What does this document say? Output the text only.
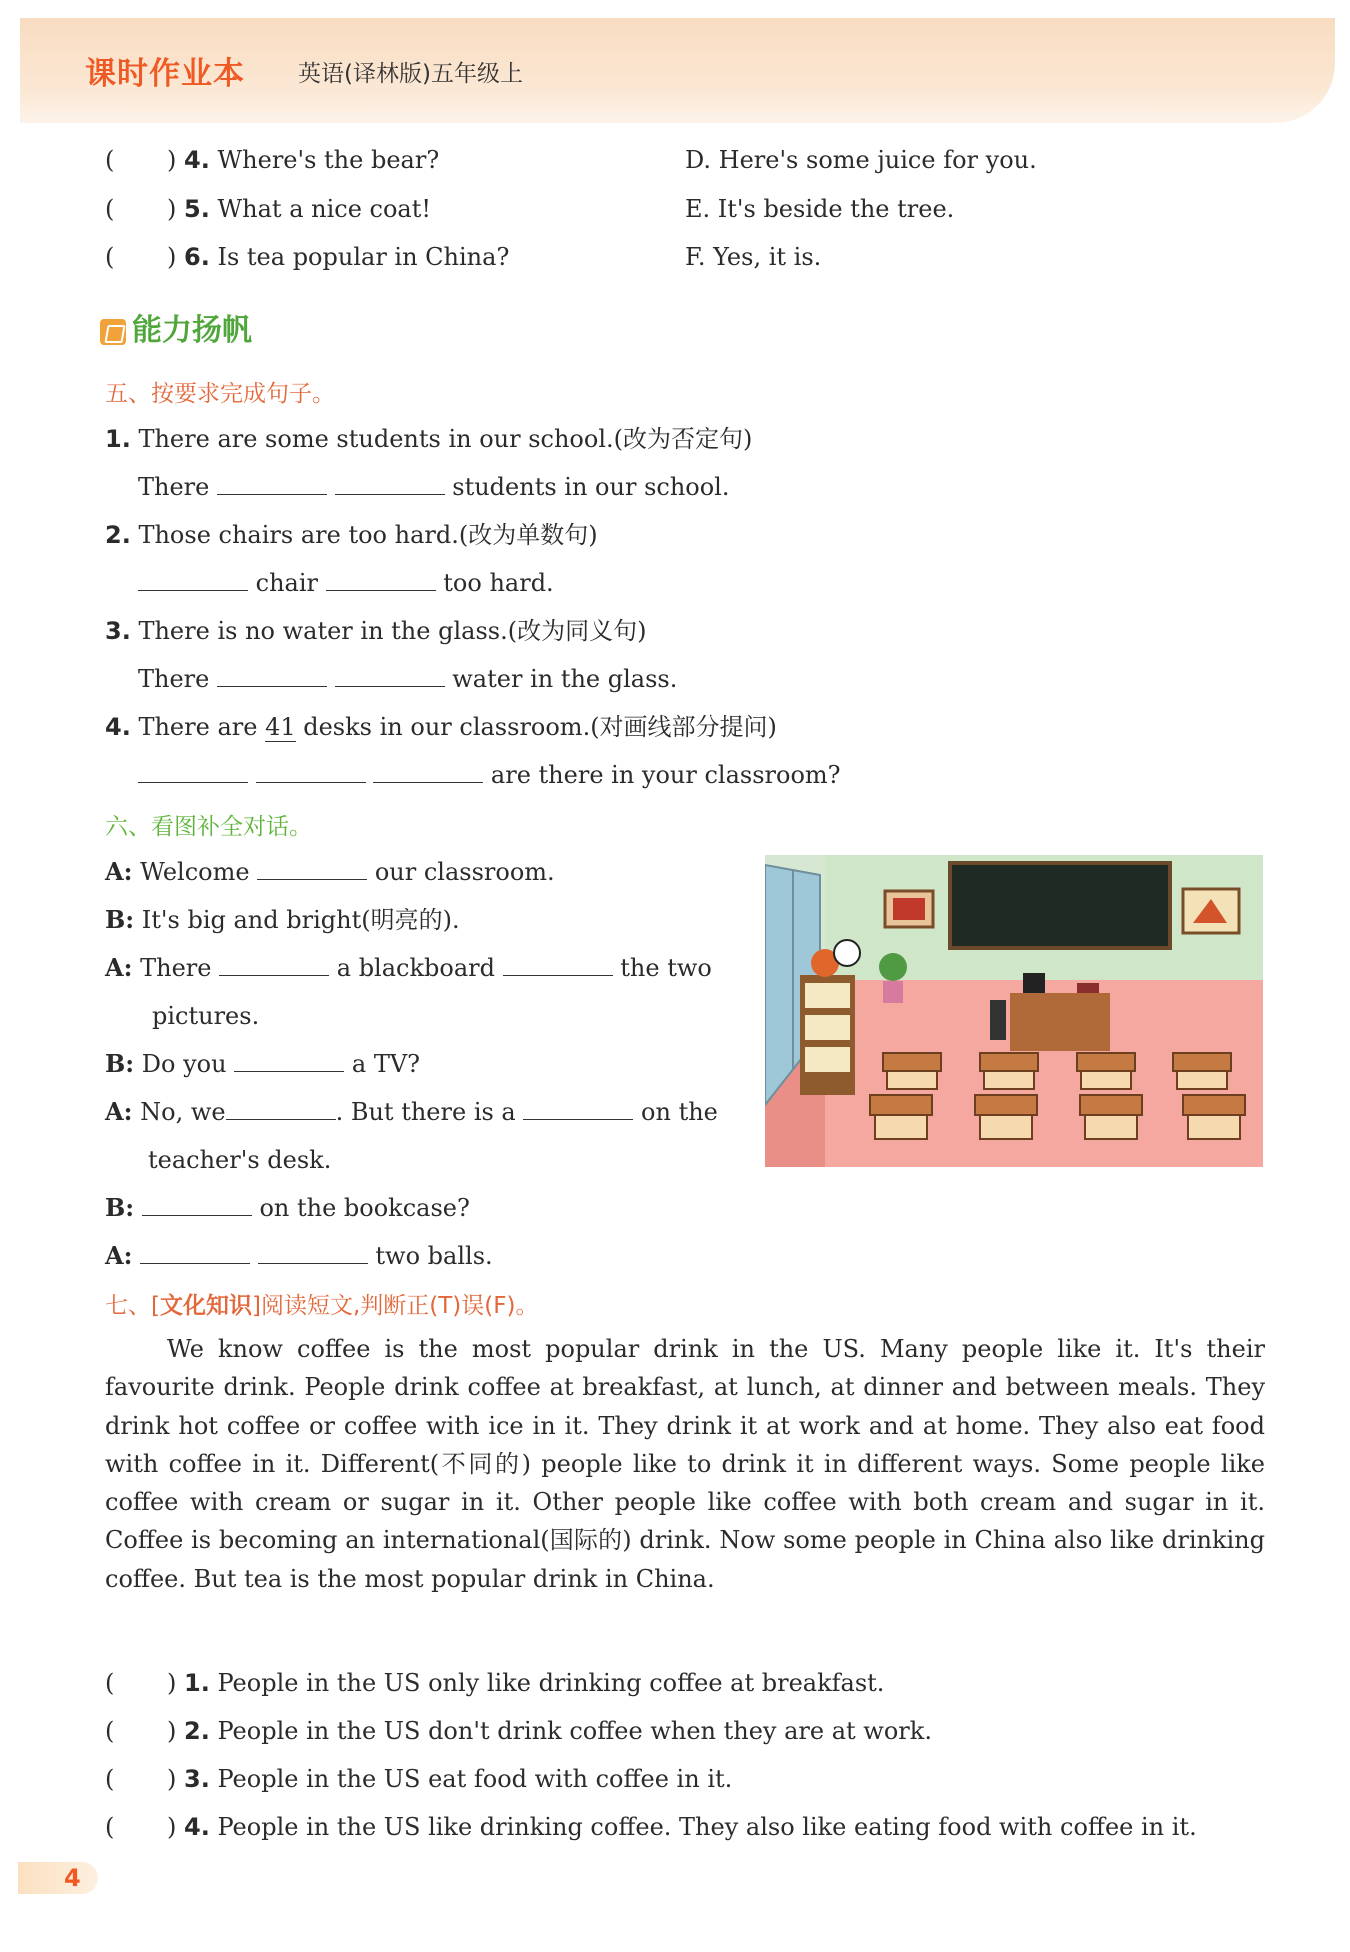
课时作业本 英语(译林版)五年级上
( ) 4. Where's the bear?	D. Here's some juice for you.
( ) 5. What a nice coat!	E. It's beside the tree.
( ) 6. Is tea popular in China?	F. Yes, it is.
能力扬帆
五、按要求完成句子。
1. There are some students in our school.(改为否定句)
There	students in our school.
2. Those chairs are too hard.(改为单数句)
chair	too hard.
3. There is no water in the glass.(改为同义句)
There	water in the glass.
4. There are 41 desks in our classroom.(对画线部分提问)
are there in your classroom?
六、看图补全对话。
A: Welcome	our classroom.
B: It's big and bright(明亮的).
A: There	a blackboard	the two
pictures.
B: Do you	a TV?
A: No, we	. But there is a	on the
teacher's desk.
B:	on the bookcase?
A:	two balls.
七、[文化知识]阅读短文,判断正(T)误(F)。

We know coffee is the most popular drink in the US. Many people like it. It's their favourite drink. People drink coffee at breakfast, at lunch, at dinner and between meals. They drink hot coffee or coffee with ice in it. They drink it at work and at home. They also eat food with coffee in it. Different(不同的) people like to drink it in different ways. Some people like coffee with cream or sugar in it. Other people like coffee with both cream and sugar in it. Coffee is becoming an international(国际的) drink. Now some people in China also like drinking coffee. But tea is the most popular drink in China.

( ) 1. People in the US only like drinking coffee at breakfast.
( ) 2. People in the US don't drink coffee when they are at work.
( ) 3. People in the US eat food with coffee in it.
( ) 4. People in the US like drinking coffee. They also like eating food with coffee in it.
4
